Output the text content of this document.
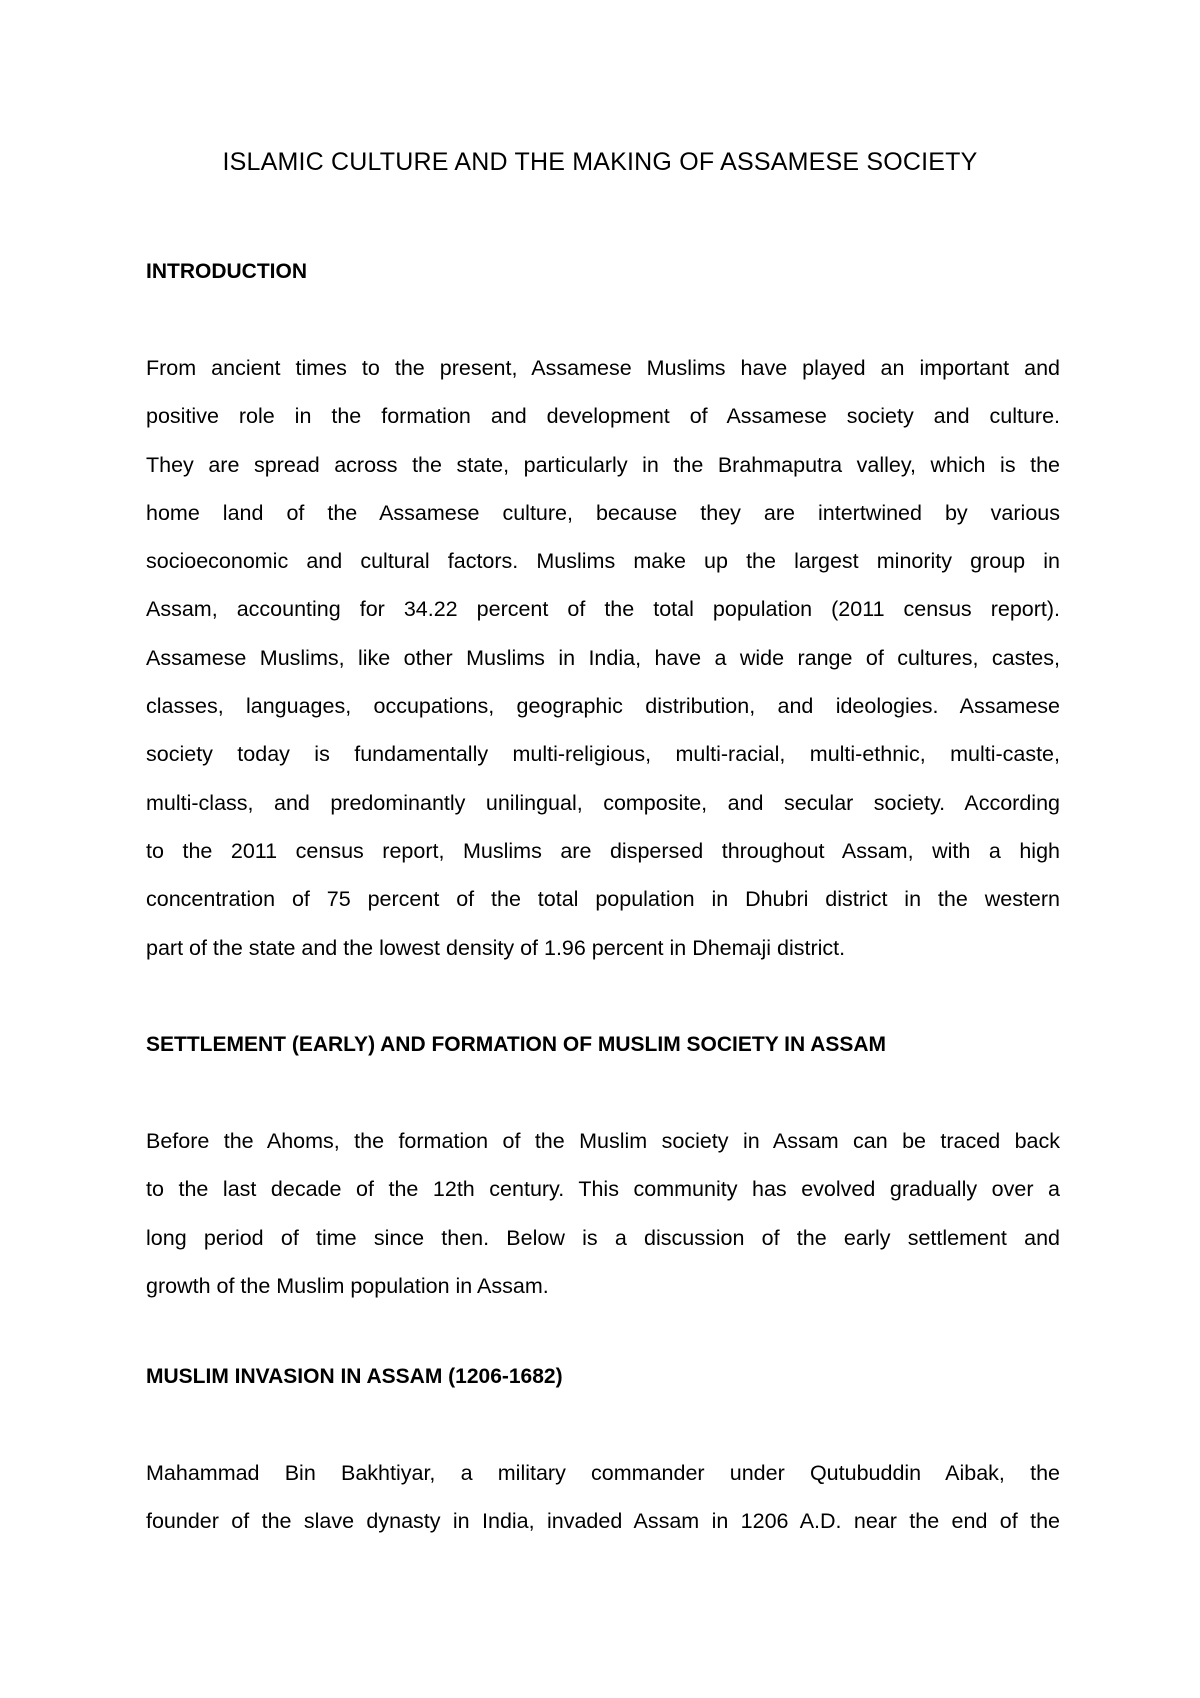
ISLAMIC CULTURE AND THE MAKING OF ASSAMESE SOCIETY
INTRODUCTION

From ancient times to the present, Assamese Muslims have played an important and
positive role in the formation and development of Assamese society and culture.
They are spread across the state, particularly in the Brahmaputra valley, which is the
home land of the Assamese culture, because they are intertwined by various
socioeconomic and cultural factors. Muslims make up the largest minority group in
Assam, accounting for 34.22 percent of the total population (2011 census report).
Assamese Muslims, like other Muslims in India, have a wide range of cultures, castes,
classes, languages, occupations, geographic distribution, and ideologies. Assamese
society today is fundamentally multi-religious, multi-racial, multi-ethnic, multi-caste,
multi-class, and predominantly unilingual, composite, and secular society. According
to the 2011 census report, Muslims are dispersed throughout Assam, with a high
concentration of 75 percent of the total population in Dhubri district in the western
part of the state and the lowest density of 1.96 percent in Dhemaji district.

SETTLEMENT (EARLY) AND FORMATION OF MUSLIM SOCIETY IN ASSAM

Before the Ahoms, the formation of the Muslim society in Assam can be traced back
to the last decade of the 12th century. This community has evolved gradually over a
long period of time since then. Below is a discussion of the early settlement and
growth of the Muslim population in Assam.

MUSLIM INVASION IN ASSAM (1206-1682)

Mahammad Bin Bakhtiyar, a military commander under Qutubuddin Aibak, the
founder of the slave dynasty in India, invaded Assam in 1206 A.D. near the end of the
